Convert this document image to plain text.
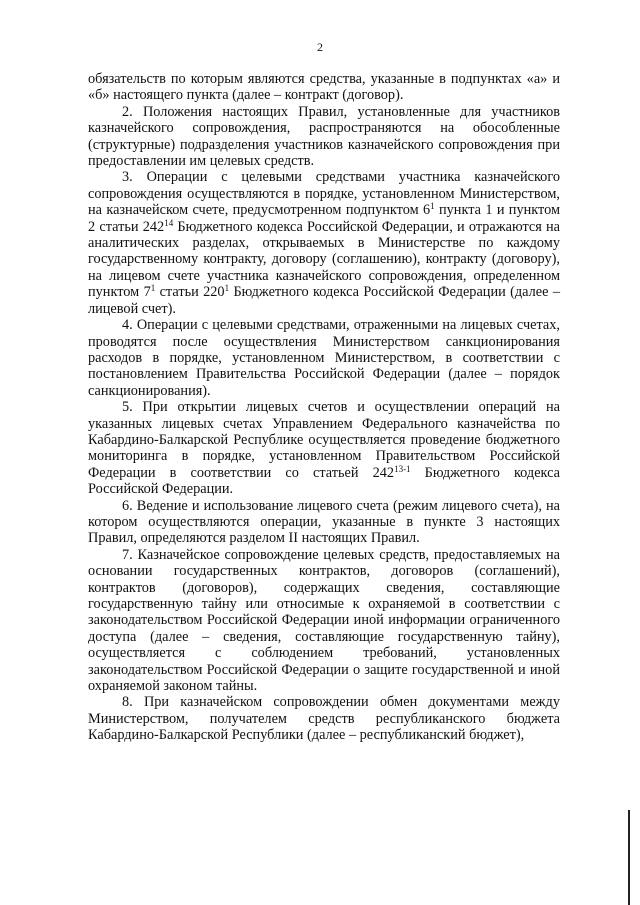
2

обязательств по которым являются средства, указанные в подпунктах «а» и «б» настоящего пункта (далее – контракт (договор).

2. Положения настоящих Правил, установленные для участников казначейского сопровождения, распространяются на обособленные (структурные) подразделения участников казначейского сопровождения при предоставлении им целевых средств.

3. Операции с целевыми средствами участника казначейского сопровождения осуществляются в порядке, установленном Министерством, на казначейском счете, предусмотренном подпунктом $6^1$ пункта 1 и пунктом 2 статьи $242^{14}$ Бюджетного кодекса Российской Федерации, и отражаются на аналитических разделах, открываемых в Министерстве по каждому государственному контракту, договору (соглашению), контракту (договору), на лицевом счете участника казначейского сопровождения, определенном пунктом $7^1$ статьи $220^1$ Бюджетного кодекса Российской Федерации (далее – лицевой счет).

4. Операции с целевыми средствами, отраженными на лицевых счетах, проводятся после осуществления Министерством санкционирования расходов в порядке, установленном Министерством, в соответствии с постановлением Правительства Российской Федерации (далее – порядок санкционирования).

5. При открытии лицевых счетов и осуществлении операций на указанных лицевых счетах Управлением Федерального казначейства по Кабардино-Балкарской Республике осуществляется проведение бюджетного мониторинга в порядке, установленном Правительством Российской Федерации в соответствии со статьей 242$^{13-1}$ Бюджетного кодекса Российской Федерации.

6. Ведение и использование лицевого счета (режим лицевого счета), на котором осуществляются операции, указанные в пункте 3 настоящих Правил, определяются разделом II настоящих Правил.

7. Казначейское сопровождение целевых средств, предоставляемых на основании государственных контрактов, договоров (соглашений), контрактов (договоров), содержащих сведения, составляющие государственную тайну или относимые к охраняемой в соответствии с законодательством Российской Федерации иной информации ограниченного доступа (далее – сведения, составляющие государственную тайну), осуществляется с соблюдением требований, установленных законодательством Российской Федерации о защите государственной и иной охраняемой законом тайны.

8. При казначейском сопровождении обмен документами между Министерством, получателем средств республиканского бюджета Кабардино-Балкарской Республики (далее – республиканский бюджет),
